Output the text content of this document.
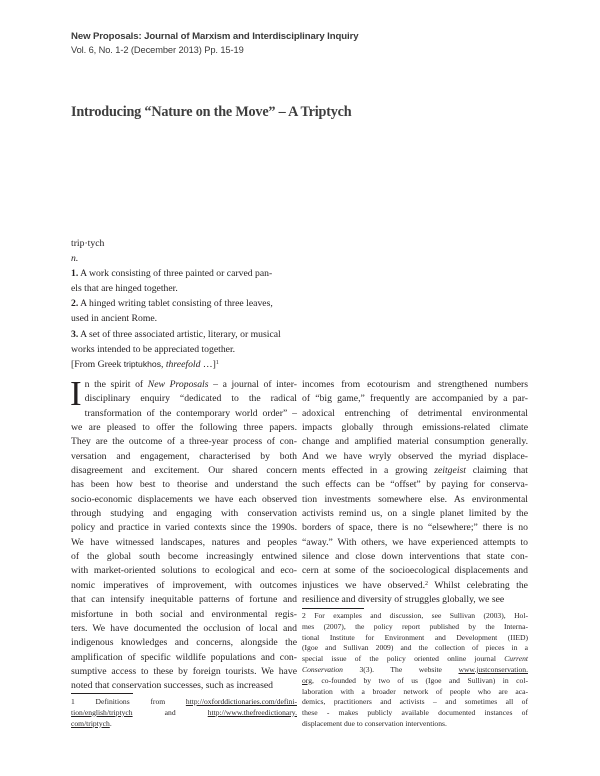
New Proposals: Journal of Marxism and Interdisciplinary Inquiry
Vol. 6, No. 1-2 (December 2013) Pp. 15-19
Introducing “Nature on the Move” – A Triptych
trip·tych
n.
1. A work consisting of three painted or carved pan-
els that are hinged together.
2. A hinged writing tablet consisting of three leaves,
used in ancient Rome.
3. A set of three associated artistic, literary, or musical
works intended to be appreciated together.
[From Greek triptukhos, threefold …]$^1$
I n the spirit of New Proposals – a journal of inter-
disciplinary enquiry “dedicated to the radical
transformation of the contemporary world order” –
we are pleased to offer the following three papers.
They are the outcome of a three-year process of con-
versation and engagement, characterised by both
disagreement and excitement. Our shared concern
has been how best to theorise and understand the
socio-economic displacements we have each observed
through studying and engaging with conservation
policy and practice in varied contexts since the 1990s.
We have witnessed landscapes, natures and peoples
of the global south become increasingly entwined
with market-oriented solutions to ecological and eco-
nomic imperatives of improvement, with outcomes
that can intensify inequitable patterns of fortune and
misfortune in both social and environmental regis-
ters. We have documented the occlusion of local and
indigenous knowledges and concerns, alongside the
amplification of specific wildlife populations and con-
sumptive access to these by foreign tourists. We have
noted that conservation successes, such as increased
1 Definitions from http://oxforddictionaries.com/defini-
tion/english/triptych and http://www.thefreedictionary.
com/triptych.
incomes from ecotourism and strengthened numbers
of “big game,” frequently are accompanied by a par-
adoxical entrenching of detrimental environmental
impacts globally through emissions-related climate
change and amplified material consumption generally.
And we have wryly observed the myriad displace-
ments effected in a growing zeitgeist claiming that
such effects can be “offset” by paying for conserva-
tion investments somewhere else. As environmental
activists remind us, on a single planet limited by the
borders of space, there is no “elsewhere;” there is no
“away.” With others, we have experienced attempts to
silence and close down interventions that state con-
cern at some of the socioecological displacements and
injustices we have observed.$^2$ Whilst celebrating the
resilience and diversity of struggles globally, we see
2 For examples and discussion, see Sullivan (2003), Hol-
mes (2007), the policy report published by the Interna-
tional Institute for Environment and Development (IIED)
(Igoe and Sullivan 2009) and the collection of pieces in a
special issue of the policy oriented online journal Current
Conservation 3(3). The website www.justconservation.
org, co-founded by two of us (Igoe and Sullivan) in col-
laboration with a broader network of people who are aca-
demics, practitioners and activists – and sometimes all of
these - makes publicly available documented instances of
displacement due to conservation interventions.
